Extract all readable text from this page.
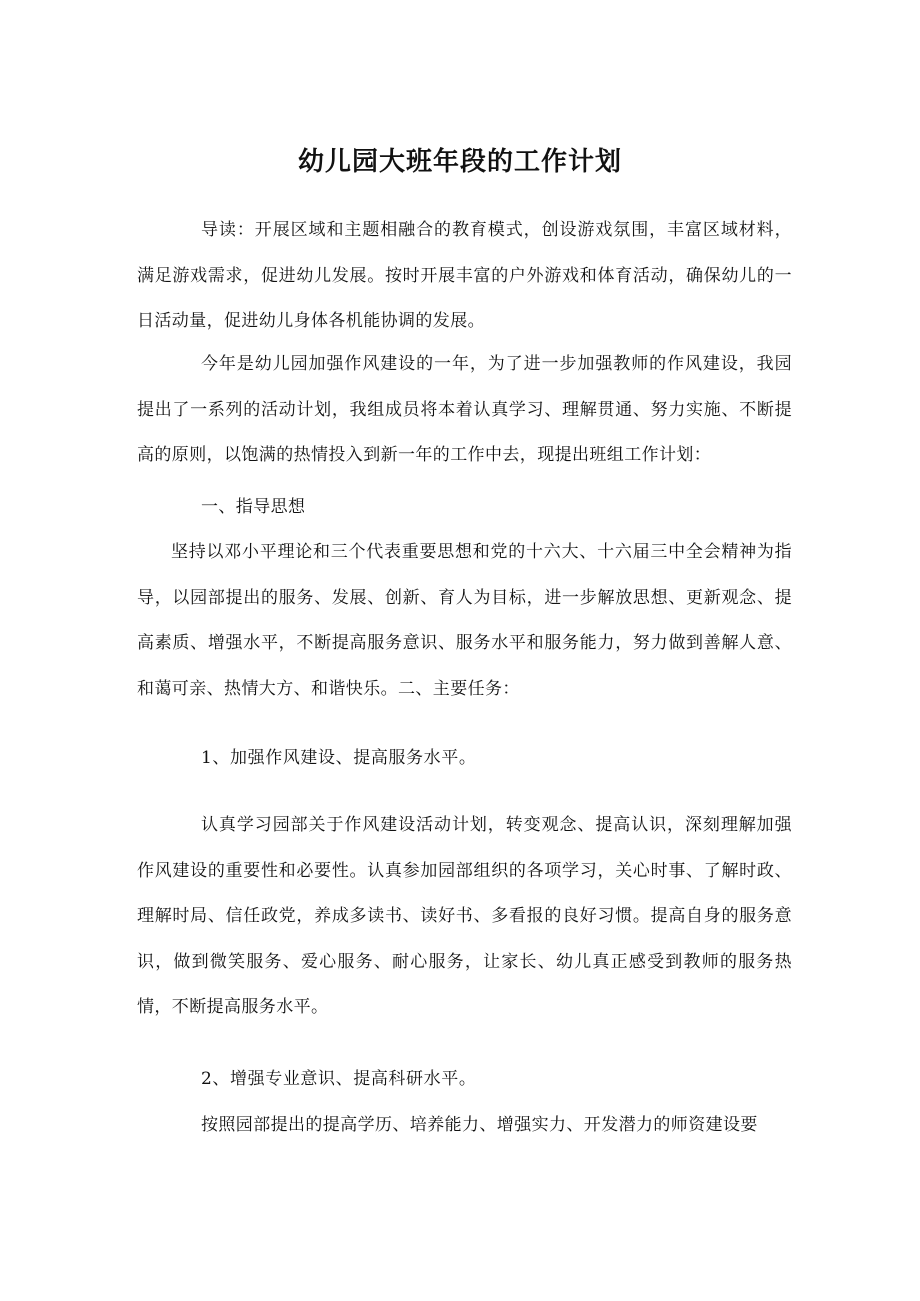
幼儿园大班年段的工作计划

导读：开展区域和主题相融合的教育模式，创设游戏氛围，丰富区域材料，满足游戏需求，促进幼儿发展。按时开展丰富的户外游戏和体育活动，确保幼儿的一日活动量，促进幼儿身体各机能协调的发展。

今年是幼儿园加强作风建设的一年，为了进一步加强教师的作风建设，我园提出了一系列的活动计划，我组成员将本着认真学习、理解贯通、努力实施、不断提高的原则，以饱满的热情投入到新一年的工作中去，现提出班组工作计划：

一、指导思想

坚持以邓小平理论和三个代表重要思想和党的十六大、十六届三中全会精神为指导，以园部提出的服务、发展、创新、育人为目标，进一步解放思想、更新观念、提高素质、增强水平，不断提高服务意识、服务水平和服务能力，努力做到善解人意、和蔼可亲、热情大方、和谐快乐。二、主要任务：

1、加强作风建设、提高服务水平。

认真学习园部关于作风建设活动计划，转变观念、提高认识，深刻理解加强作风建设的重要性和必要性。认真参加园部组织的各项学习，关心时事、了解时政、理解时局、信任政党，养成多读书、读好书、多看报的良好习惯。提高自身的服务意识，做到微笑服务、爱心服务、耐心服务，让家长、幼儿真正感受到教师的服务热情，不断提高服务水平。

2、增强专业意识、提高科研水平。

按照园部提出的提高学历、培养能力、增强实力、开发潜力的师资建设要
